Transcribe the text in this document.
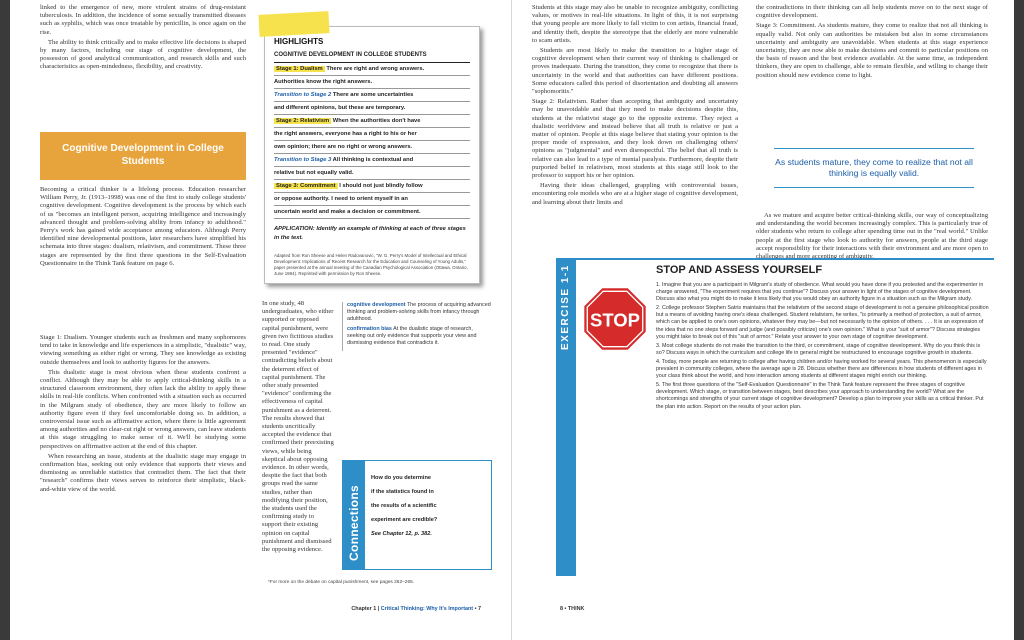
linked to the emergence of new, more virulent strains of drug-resistant tuberculosis. In addition, the incidence of some sexually transmitted diseases such as syphilis, which was once treatable by penicillin, is once again on the rise.

The ability to think critically and to make effective life decisions is shaped by many factors, including our stage of cognitive development, the possession of good analytical communication, and research skills and such characteristics as open-mindedness, flexibility, and creativity.

Cognitive Development in College Students

Becoming a critical thinker is a lifelong process. Education researcher William Perry, Jr. (1913–1998) was one of the first to study college students' cognitive development. Cognitive development is the process by which each of us "becomes an intelligent person, acquiring intelligence and increasingly advanced thought and problem-solving ability from infancy to adulthood." Perry's work has gained wide acceptance among educators. Although Perry identified nine developmental positions, later researchers have simplified his schemata into three stages: dualism, relativism, and commitment. These three stages are represented by the first three questions in the Self-Evaluation Questionnaire in the Think Tank feature on page 6.

Stage 1: Dualism. Younger students such as freshmen and many sophomores tend to take in knowledge and life experiences in a simplistic, "dualistic" way, viewing something as either right or wrong. They see knowledge as existing outside themselves and look to authority figures for the answers.

This dualistic stage is most obvious when these students confront a conflict. Although they may be able to apply critical-thinking skills in a structured classroom environment, they often lack the ability to apply these skills in real-life conflicts. When confronted with a situation such as occurred in the Milgram study of obedience, they are more likely to follow an authority figure even if they feel uncomfortable doing so. In addition, a controversial issue such as affirmative action, where there is little agreement among authorities and no clear-cut right or wrong answers, can leave students at this stage struggling to make sense of it. We'll be studying some perspectives on affirmative action at the end of this chapter.

When researching an issue, students at the dualistic stage may engage in confirmation bias, seeking out only evidence that supports their views and dismissing as unreliable statistics that contradict them. The fact that their "research" confirms their views serves to reinforce their simplistic, black-and-white view of the world.

HIGHLIGHTS
COGNITIVE DEVELOPMENT IN COLLEGE STUDENTS
Stage 1: Dualism There are right and wrong answers.
Authorities know the right answers.
Transition to Stage 2 There are some uncertainties
and different opinions, but these are temporary.
Stage 2: Relativism When the authorities don't have
the right answers, everyone has a right to his or her
own opinion; there are no right or wrong answers.
Transition to Stage 3 All thinking is contextual and
relative but not equally valid.
Stage 3: Commitment I should not just blindly follow
or oppose authority. I need to orient myself in an
uncertain world and make a decision or commitment.
APPLICATION: Identify an example of thinking at each of three stages in the text.
Adapted from Ron Sheese and Helen Radovanovic, "W. G. Perry's Model of Intellectual and Ethical Development: Implications of Recent Research for the Education and Counseling of Young Adults," paper presented at the annual meeting of the Canadian Psychological Association (Ottawa, Ontario, June 1984). Reprinted with permission by Ron Sheese.

In one study, 48 undergraduates, who either supported or opposed capital punishment, were given two fictitious studies to read. One study presented "evidence" contradicting beliefs about the deterrent effect of capital punishment. The other study presented "evidence" confirming the effectiveness of capital punishment as a deterrent. The results showed that students uncritically accepted the evidence that confirmed their preexisting views, while being skeptical about opposing evidence. In other words, despite the fact that both groups read the same studies, rather than modifying their position, the students used the confirming study to support their existing opinion on capital punishment and dismissed the opposing evidence.

cognitive development The process of acquiring advanced thinking and problem-solving skills from infancy through adulthood.

confirmation bias At the dualistic stage of research, seeking out only evidence that supports your view and dismissing evidence that contradicts it.

Connections
How do you determine
if the statistics found in
the results of a scientific
experiment are credible?
See Chapter 12, p. 382.
*For more on the debate on capital punishment, see pages 262–265.
Chapter 1 | Critical Thinking: Why It's Important • 7

Students at this stage may also be unable to recognize ambiguity, conflicting values, or motives in real-life situations. In light of this, it is not surprising that young people are more likely to fall victim to con artists, financial fraud, and identity theft, despite the stereotype that the elderly are more vulnerable to scam artists.

Students are most likely to make the transition to a higher stage of cognitive development when their current way of thinking is challenged or proves inadequate. During the transition, they come to recognize that there is uncertainty in the world and that authorities can have different positions. Some educators called this period of disorientation and doubting all answers "sophomoritis."

Stage 2: Relativism. Rather than accepting that ambiguity and uncertainty may be unavoidable and that they need to make decisions despite this, students at the relativist stage go to the opposite extreme. They reject a dualistic worldview and instead believe that all truth is relative or just a matter of opinion. People at this stage believe that stating your opinion is the proper mode of expression, and they look down on challenging others' opinions as "judgmental" and even disrespectful. The belief that all truth is relative can also lead to a type of mental paralysis. Furthermore, despite their purported belief in relativism, most students at this stage still look to the professor to support his or her opinion.

Having their ideas challenged, grappling with controversial issues, encountering role models who are at a higher stage of cognitive development, and learning about their limits and

the contradictions in their thinking can all help students move on to the next stage of cognitive development.

Stage 3: Commitment. As students mature, they come to realize that not all thinking is equally valid. Not only can authorities be mistaken but also in some circumstances uncertainty and ambiguity are unavoidable. When students at this stage experience uncertainty, they are now able to make decisions and commit to particular positions on the basis of reason and the best evidence available. At the same time, as independent thinkers, they are open to challenge, able to remain flexible, and willing to change their position should new evidence come to light.

As students mature, they come to realize that not all thinking is equally valid.

As we mature and acquire better critical-thinking skills, our way of conceptualizing and understanding the world becomes increasingly complex. This is particularly true of older students who return to college after spending time out in the "real world." Unlike people at the first stage who look to authority for answers, people at the third stage accept responsibility for their interactions with their environment and are more open to challenges and more accepting of ambiguity.

EXERCISE 1-1 STOP
STOP AND ASSESS YOURSELF

1. Imagine that you are a participant in Milgram's study of obedience. What would you have done if you protested and the experimenter in charge answered, "The experiment requires that you continue"? Discuss your answer in light of the stages of cognitive development. Discuss also what you might do to make it less likely that you would obey an authority figure in a situation such as the Milgram study.

2. College professor Stephen Satris maintains that the relativism of the second stage of development is not a genuine philosophical position but a means of avoiding having one's ideas challenged. Student relativism, he writes, "is primarily a method of protection, a suit of armor, which can be applied to one's own opinions, whatever they may be—but not necessarily to the opinion of others. . . . It is an expression of the idea that no one steps forward and judge (and possibly criticize) one's own opinion." What is your "suit of armor"? Discuss strategies you might take to break out of this "suit of armor." Relate your answer to your own stage of cognitive development.

3. Most college students do not make the transition to the third, or commitment, stage of cognitive development. Why do you think this is so? Discuss ways in which the curriculum and college life in general might be restructured to encourage cognitive growth in students.

4. Today, more people are returning to college after having children and/or having worked for several years. This phenomenon is especially prevalent in community colleges, where the average age is 28. Discuss whether there are differences in how students of different ages in your class think about the world, and how interaction among students at different stages might enrich our thinking.

5. The first three questions of the "Self-Evaluation Questionnaire" in the Think Tank feature represent the three stages of cognitive development. Which stage, or transition between stages, best describes your approach to understanding the world? What are the shortcomings and strengths of your current stage of cognitive development? Develop a plan to improve your skills as a critical thinker. Put the plan into action. Report on the results of your action plan.

8 • THINK
